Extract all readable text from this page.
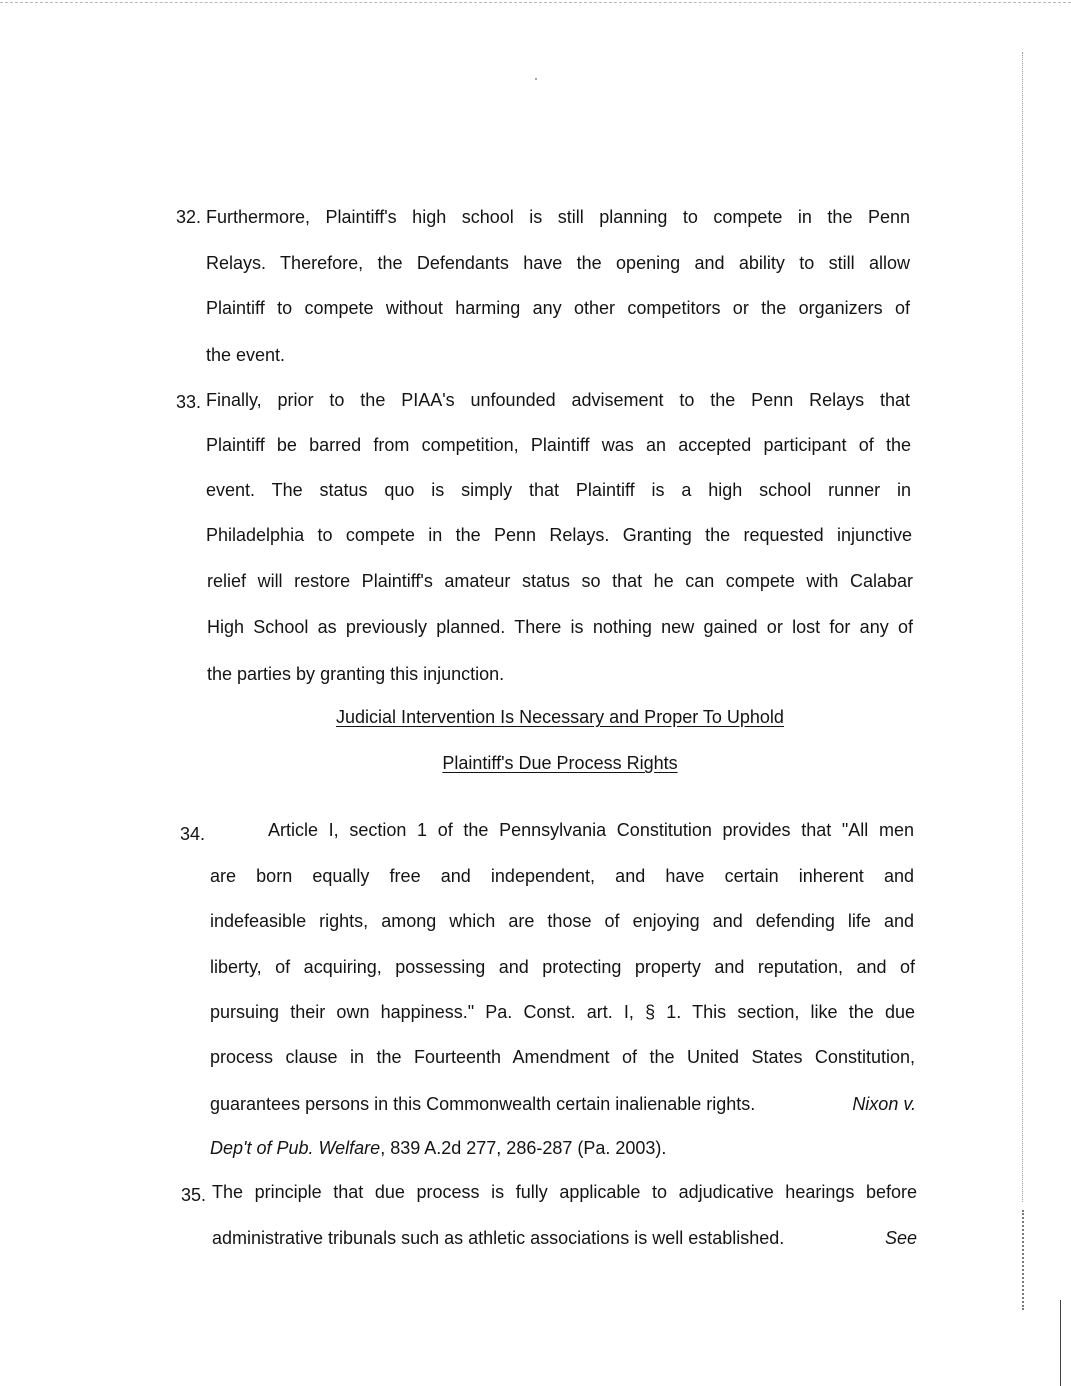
32. Furthermore, Plaintiff's high school is still planning to compete in the Penn
Relays. Therefore, the Defendants have the opening and ability to still allow
Plaintiff to compete without harming any other competitors or the organizers of
the event.
33. Finally, prior to the PIAA's unfounded advisement to the Penn Relays that
Plaintiff be barred from competition, Plaintiff was an accepted participant of the
event. The status quo is simply that Plaintiff is a high school runner in
Philadelphia to compete in the Penn Relays. Granting the requested injunctive
relief will restore Plaintiff's amateur status so that he can compete with Calabar
High School as previously planned. There is nothing new gained or lost for any of
the parties by granting this injunction.
Judicial Intervention Is Necessary and Proper To Uphold
Plaintiff's Due Process Rights
34.	Article I, section 1 of the Pennsylvania Constitution provides that "All men
are born equally free and independent, and have certain inherent and
indefeasible rights, among which are those of enjoying and defending life and
liberty, of acquiring, possessing and protecting property and reputation, and of
pursuing their own happiness." Pa. Const. art. I, § 1. This section, like the due
process clause in the Fourteenth Amendment of the United States Constitution,
guarantees persons in this Commonwealth certain inalienable rights.	Nixon v.
Dep't of Pub. Welfare, 839 A.2d 277, 286-287 (Pa. 2003).
35. The principle that due process is fully applicable to adjudicative hearings before
administrative tribunals such as athletic associations is well established.	See
